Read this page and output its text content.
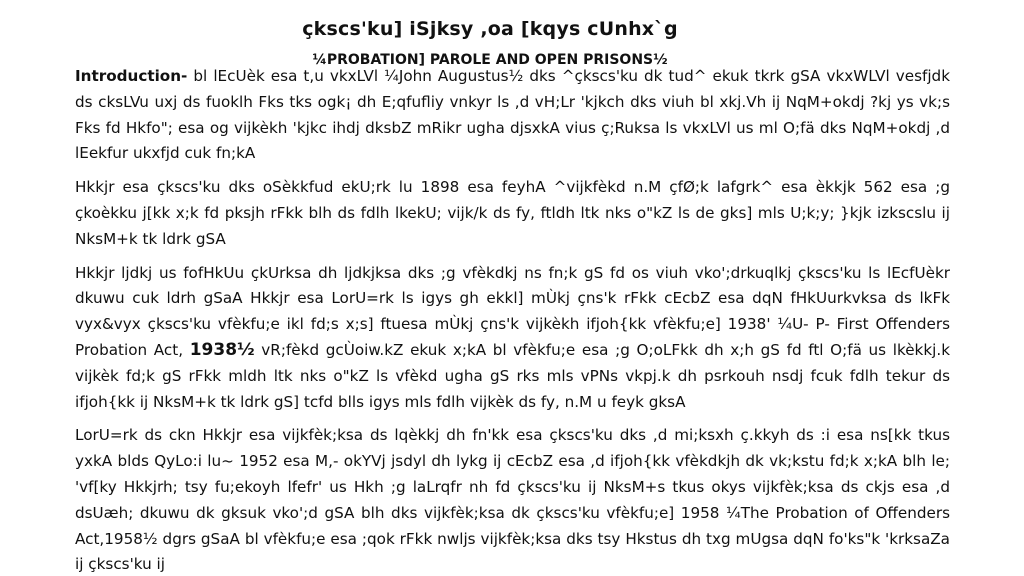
çkscs'ku] iSjksy ,oa [kqys cUnhx`g
¼PROBATION] PAROLE AND OPEN PRISONS½

Introduction- bl lEcUèk esa t,u vkxLVl ¼John Augustus½ dks ^çkscs'ku dk tud^ ekuk tkrk gSA vkxWLVl vesfjdk ds cksLVu uxj ds fuoklh Fks tks ogk¡ dh E;qfufliy vnkyr ls ,d vH;Lr 'kjkch dks viuh bl xkj.Vh ij NqM+okdj ?kj ys vk;s Fks fd Hkfo"; esa og vijkèkh 'kjkc ihdj dksbZ mRikr ugha djsxkA vius ç;Ruksa ls vkxLVl us ml O;fä dks NqM+okdj ,d lEekfur ukxfjd cuk fn;kA

Hkkjr esa çkscs'ku dks oSèkkfud ekU;rk lu 1898 esa feyhA ^vijkfèkd n.M çfØ;k lafgrk^ esa èkkjk 562 esa ;g çkoèkku j[kk x;k fd pksjh rFkk blh ds fdlh lkekU; vijk/k ds fy, ftldh ltk nks o"kZ ls de gks] mls U;k;y; }kjk izkscslu ij NksM+k tk ldrk gSA

Hkkjr ljdkj us fofHkUu çkUrksa dh ljdkjksa dks ;g vfèkdkj ns fn;k gS fd os viuh vko';drkuqlkj çkscs'ku ls lEcfUèkr dkuwu cuk ldrh gSaA Hkkjr esa LorU=rk ls igys gh ekkl] mÙkj çns'k rFkk cEcbZ esa dqN fHkUurkvksa ds lkFk vyx&vyx çkscs'ku vfèkfu;e ikl fd;s x;s] ftuesa mÙkj çns'k vijkèkh ifjoh{kk vfèkfu;e] 1938' ¼U- P- First Offenders Probation Act, 1938½ vR;fèkd gcÙoiw.kZ ekuk x;kA bl vfèkfu;e esa ;g O;oLFkk dh x;h gS fd ftl O;fä us lkèkkj.k vijkèk fd;k gS rFkk mldh ltk nks o"kZ ls vfèkd ugha gS rks mls vPNs vkpj.k dh psrkouh nsdj fcuk fdlh tekur ds ifjoh{kk ij NksM+k tk ldrk gS] tcfd blls igys mls fdlh vijkèk ds fy, n.M u feyk gksA

LorU=rk ds ckn Hkkjr esa vijkfèk;ksa ds lqèkkj dh fn'kk esa çkscs'ku dks ,d mi;ksxh ç.kkyh ds :i esa ns[kk tkus yxkA blds QyLo:i lu~ 1952 esa M,- okYVj jsdyl dh lykg ij cEcbZ esa ,d ifjoh{kk vfèkdkjh dk vk;kstu fd;k x;kA blh le; 'vf[ky Hkkjrh; tsy fu;ekoyh lfefr' us Hkh ;g laLrqfr nh fd çkscs'ku ij NksM+s tkus okys vijkfèk;ksa ds ckjs esa ,d dsUæh; dkuwu dk gksuk vko';d gSA blh dks vijkfèk;ksa dk çkscs'ku vfèkfu;e] 1958 ¼The Probation of Offenders Act,1958½ dgrs gSaA bl vfèkfu;e esa ;qok rFkk nwljs vijkfèk;ksa dks tsy Hkstus dh txg mUgsa dqN fo'ks"k 'krksaZa ij çkscs'ku ij
